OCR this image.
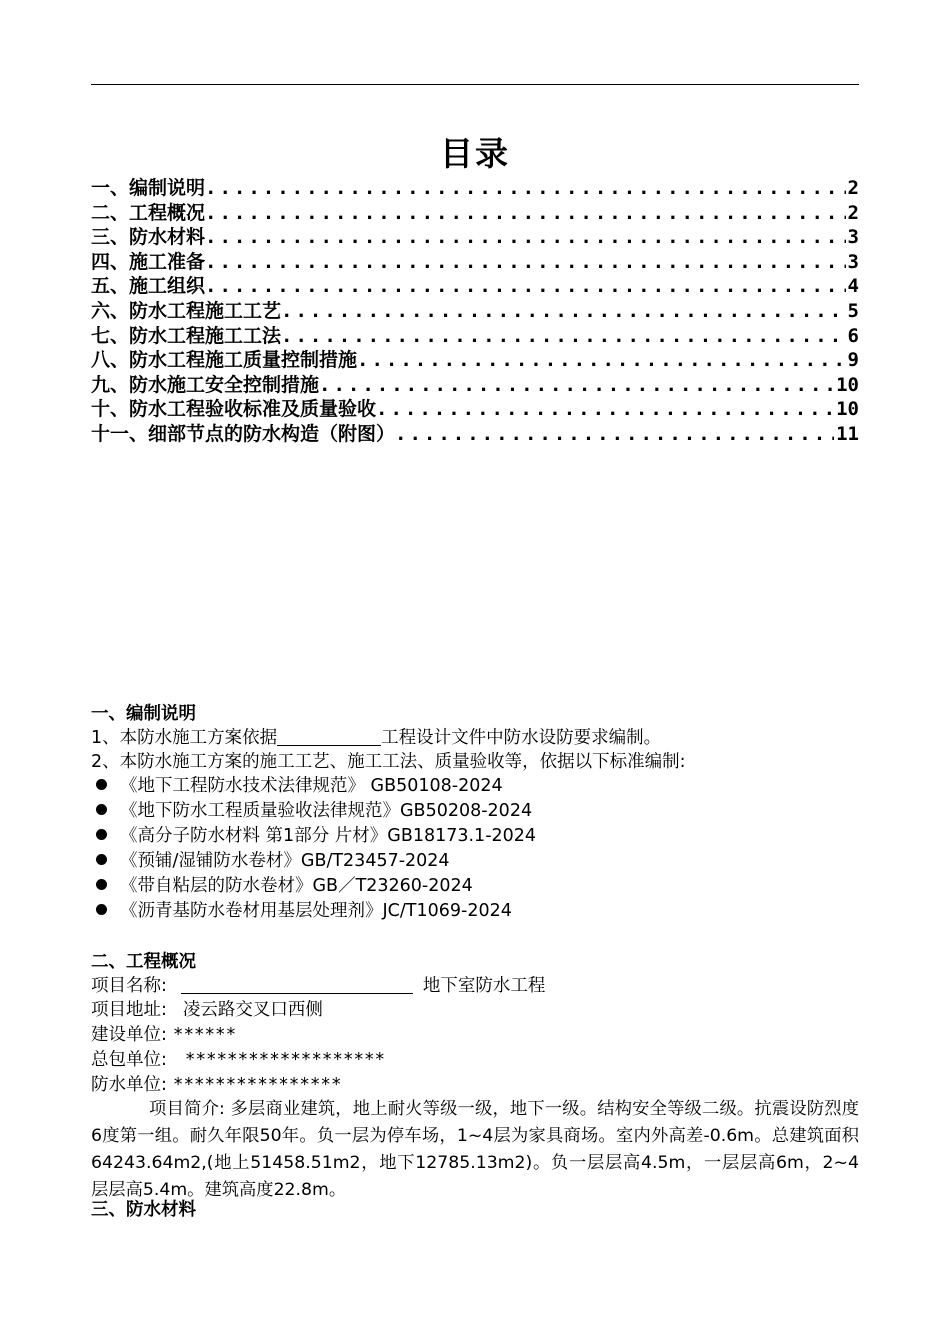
目录
一、编制说明 .....	2
二、工程概况 .....	2
三、防水材料 .....	3
四、施工准备 .....	3
五、施工组织 .....	4
六、防水工程施工工艺 .....	5
七、防水工程施工工法 .....	6
八、防水工程施工质量控制措施 .....	9
九、防水施工安全控制措施 .....	10
十、防水工程验收标准及质量验收 .....	10
十一、细部节点的防水构造（附图） .....	11
一、编制说明
1、本防水施工方案依据	工程设计文件中防水设防要求编制。
2、本防水施工方案的施工工艺、施工工法、质量验收等，依据以下标准编制:
《地下工程防水技术法律规范》 GB50108-2024
《地下防水工程质量验收法律规范》GB50208-2024
《高分子防水材料 第1部分 片材》GB18173.1-2024
《预铺/湿铺防水卷材》GB/T23457-2024
《带自粘层的防水卷材》GB／T23260-2024
《沥青基防水卷材用基层处理剂》JC/T1069-2024
二、工程概况
项目名称:	地下室防水工程
项目地址: 凌云路交叉口西侧
建设单位: ******
总包单位: *******************
防水单位: ****************
项目简介: 多层商业建筑，地上耐火等级一级，地下一级。结构安全等级二级。抗震设防烈度6度第一组。耐久年限50年。负一层为停车场，1~4层为家具商场。室内外高差-0.6m。总建筑面积64243.64m2,(地上51458.51m2，地下12785.13m2)。负一层层高4.5m，一层层高6m，2~4层层高5.4m。建筑高度22.8m。
三、防水材料
